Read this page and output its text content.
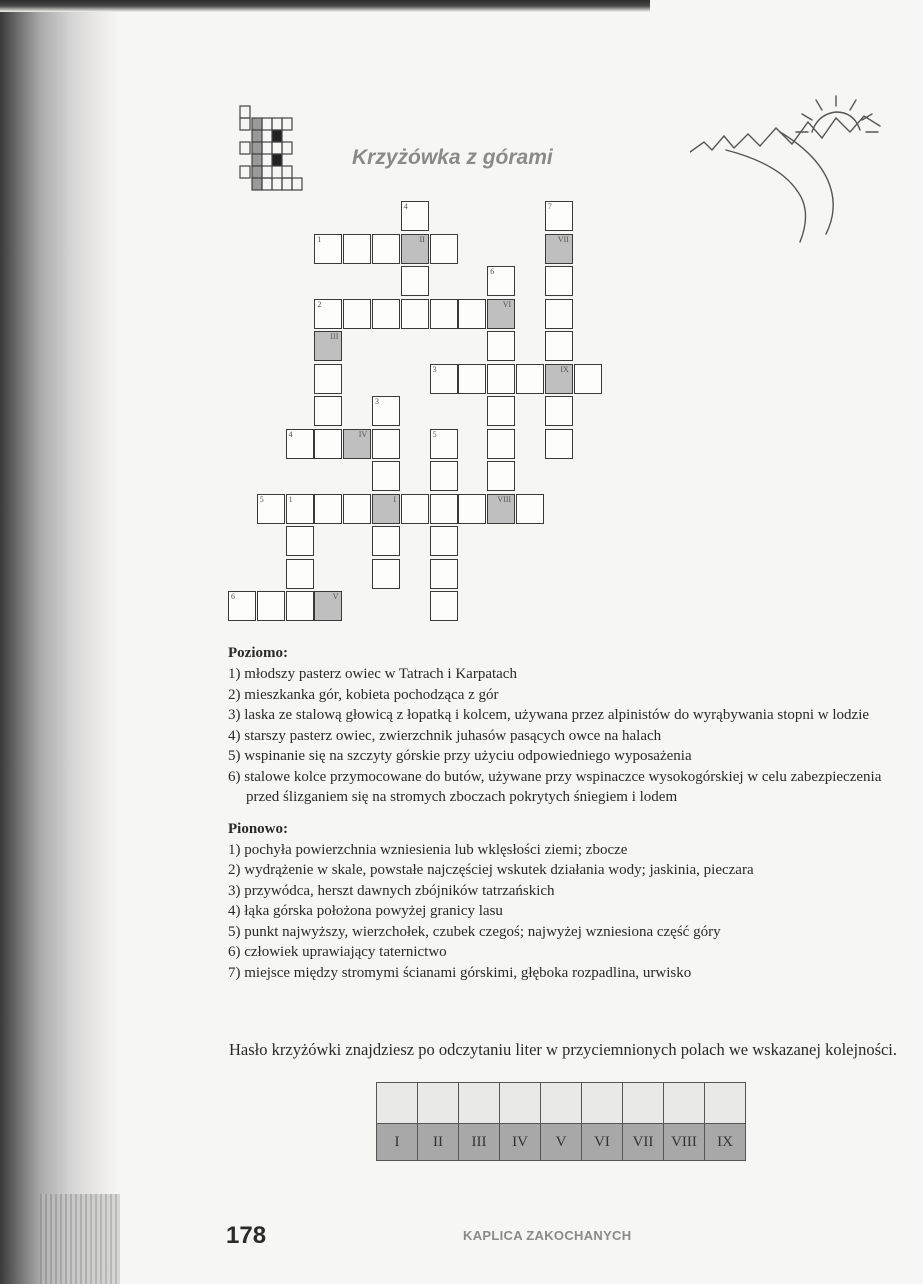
Krzyżówka z górami
4	7
1	II	VII
6
2	VI
III
3	IX
3
4	IV	5
5	1	I	VIII
6	V
Poziomo:
1) młodszy pasterz owiec w Tatrach i Karpatach
2) mieszkanka gór, kobieta pochodząca z gór
3) laska ze stalową głowicą z łopatką i kolcem, używana przez alpinistów do wyrąbywania stopni w lodzie
4) starszy pasterz owiec, zwierzchnik juhasów pasących owce na halach
5) wspinanie się na szczyty górskie przy użyciu odpowiedniego wyposażenia
6) stalowe kolce przymocowane do butów, używane przy wspinaczce wysokogórskiej w celu zabezpieczenia przed ślizganiem się na stromych zboczach pokrytych śniegiem i lodem
Pionowo:
1) pochyła powierzchnia wzniesienia lub wklęsłości ziemi; zbocze
2) wydrążenie w skale, powstałe najczęściej wskutek działania wody; jaskinia, pieczara
3) przywódca, herszt dawnych zbójników tatrzańskich
4) łąka górska położona powyżej granicy lasu
5) punkt najwyższy, wierzchołek, czubek czegoś; najwyżej wzniesiona część góry
6) człowiek uprawiający taternictwo
7) miejsce między stromymi ścianami górskimi, głęboka rozpadlina, urwisko

Hasło krzyżówki znajdziesz po odczytaniu liter w przyciemnionych polach we wskazanej kolejności.

I	II	III	IV	V	VI	VII	VIII	IX

178	KAPLICA ZAKOCHANYCH
